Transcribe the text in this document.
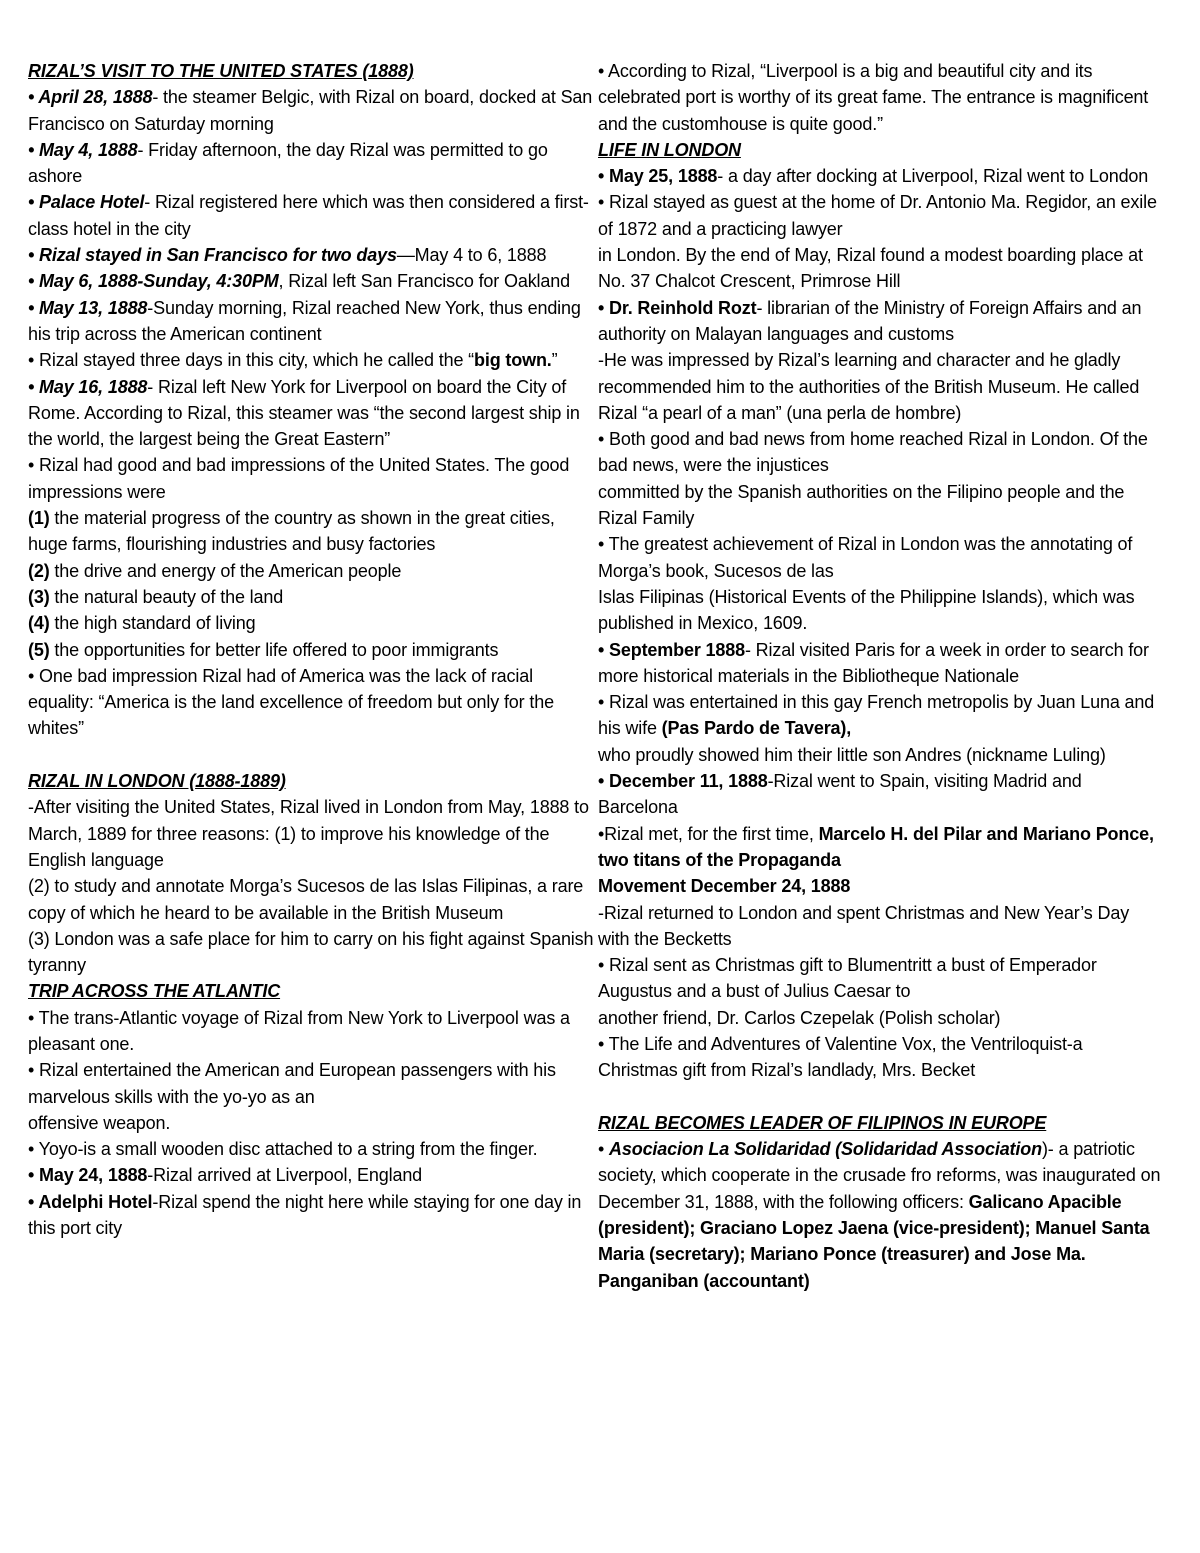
RIZAL’S VISIT TO THE UNITED STATES (1888)

• April 28, 1888- the steamer Belgic, with Rizal on board, docked at San Francisco on Saturday morning

• May 4, 1888- Friday afternoon, the day Rizal was permitted to go ashore

• Palace Hotel- Rizal registered here which was then considered a first-class hotel in the city

• Rizal stayed in San Francisco for two days—May 4 to 6, 1888

• May 6, 1888-Sunday, 4:30PM, Rizal left San Francisco for Oakland

• May 13, 1888-Sunday morning, Rizal reached New York, thus ending his trip across the American continent

• Rizal stayed three days in this city, which he called the “big town.”

• May 16, 1888- Rizal left New York for Liverpool on board the City of Rome. According to Rizal, this steamer was “the second largest ship in the world, the largest being the Great Eastern”

• Rizal had good and bad impressions of the United States. The good impressions were

(1) the material progress of the country as shown in the great cities, huge farms, flourishing industries and busy factories

(2) the drive and energy of the American people

(3) the natural beauty of the land

(4) the high standard of living

(5) the opportunities for better life offered to poor immigrants

• One bad impression Rizal had of America was the lack of racial equality: “America is the land excellence of freedom but only for the whites”

RIZAL IN LONDON (1888-1889)

-After visiting the United States, Rizal lived in London from May, 1888 to March, 1889 for three reasons: (1) to improve his knowledge of the English language

(2) to study and annotate Morga’s Sucesos de las Islas Filipinas, a rare copy of which he heard to be available in the British Museum

(3) London was a safe place for him to carry on his fight against Spanish tyranny

TRIP ACROSS THE ATLANTIC

• The trans-Atlantic voyage of Rizal from New York to Liverpool was a pleasant one.

• Rizal entertained the American and European passengers with his marvelous skills with the yo-yo as an

offensive weapon.

• Yoyo-is a small wooden disc attached to a string from the finger.

• May 24, 1888-Rizal arrived at Liverpool, England

• Adelphi Hotel-Rizal spend the night here while staying for one day in this port city

• According to Rizal, “Liverpool is a big and beautiful city and its celebrated port is worthy of its great fame. The entrance is magnificent and the customhouse is quite good.”

LIFE IN LONDON

• May 25, 1888- a day after docking at Liverpool, Rizal went to London

• Rizal stayed as guest at the home of Dr. Antonio Ma. Regidor, an exile of 1872 and a practicing lawyer

in London. By the end of May, Rizal found a modest boarding place at No. 37 Chalcot Crescent, Primrose Hill

• Dr. Reinhold Rozt- librarian of the Ministry of Foreign Affairs and an authority on Malayan languages and customs

-He was impressed by Rizal’s learning and character and he gladly recommended him to the authorities of the British Museum. He called Rizal “a pearl of a man” (una perla de hombre)

• Both good and bad news from home reached Rizal in London. Of the bad news, were the injustices

committed by the Spanish authorities on the Filipino people and the Rizal Family

• The greatest achievement of Rizal in London was the annotating of Morga’s book, Sucesos de las

Islas Filipinas (Historical Events of the Philippine Islands), which was published in Mexico, 1609.

• September 1888- Rizal visited Paris for a week in order to search for more historical materials in the Bibliotheque Nationale

• Rizal was entertained in this gay French metropolis by Juan Luna and his wife (Pas Pardo de Tavera),

who proudly showed him their little son Andres (nickname Luling)

• December 11, 1888-Rizal went to Spain, visiting Madrid and Barcelona

•Rizal met, for the first time, Marcelo H. del Pilar and Mariano Ponce, two titans of the Propaganda

Movement December 24, 1888

-Rizal returned to London and spent Christmas and New Year’s Day with the Becketts

• Rizal sent as Christmas gift to Blumentritt a bust of Emperador Augustus and a bust of Julius Caesar to

another friend, Dr. Carlos Czepelak (Polish scholar)

• The Life and Adventures of Valentine Vox, the Ventriloquist-a Christmas gift from Rizal’s landlady, Mrs. Becket

RIZAL BECOMES LEADER OF FILIPINOS IN EUROPE

• Asociacion La Solidaridad (Solidaridad Association)- a patriotic society, which cooperate in the crusade fro reforms, was inaugurated on December 31, 1888, with the following officers: Galicano Apacible (president); Graciano Lopez Jaena (vice-president); Manuel Santa Maria (secretary); Mariano Ponce (treasurer) and Jose Ma. Panganiban (accountant)
